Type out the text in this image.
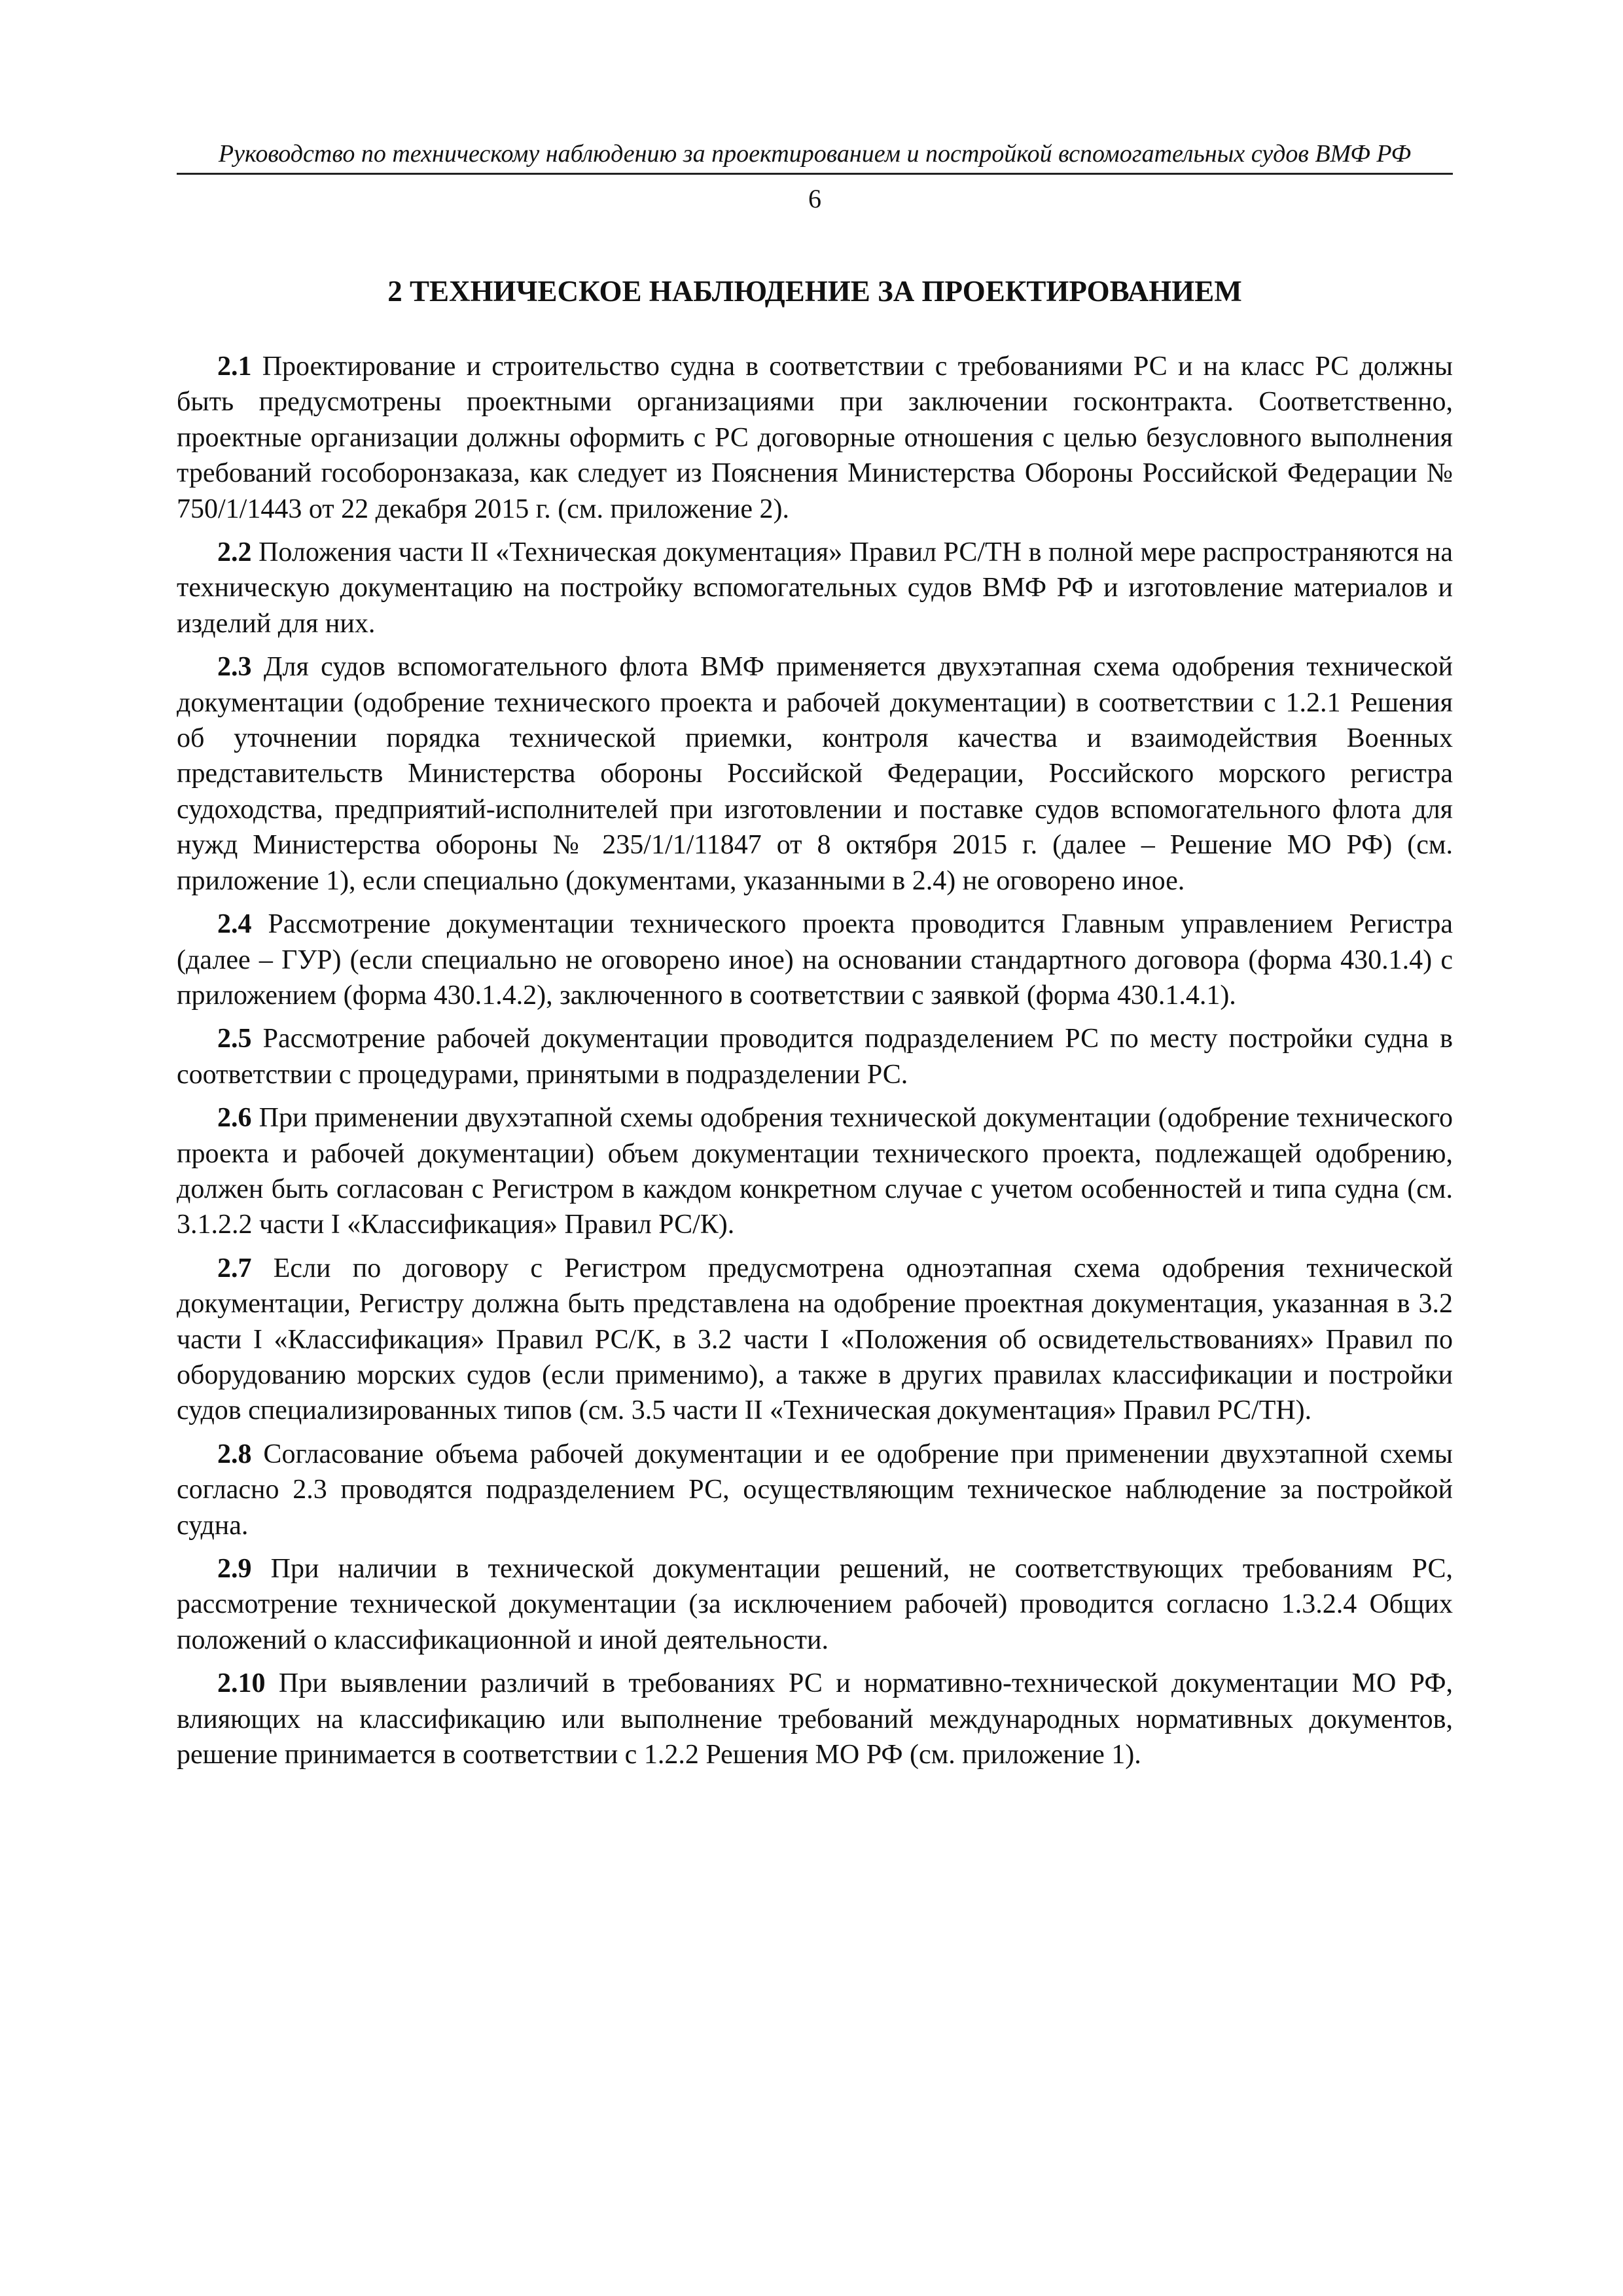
Руководство по техническому наблюдению за проектированием и постройкой вспомогательных судов ВМФ РФ
6
2 ТЕХНИЧЕСКОЕ НАБЛЮДЕНИЕ ЗА ПРОЕКТИРОВАНИЕМ

2.1 Проектирование и строительство судна в соответствии с требованиями РС и на класс РС должны быть предусмотрены проектными организациями при заключении госконтракта. Соответственно, проектные организации должны оформить с РС договорные отношения с целью безусловного выполнения требований гособоронзаказа, как следует из Пояснения Министерства Обороны Российской Федерации № 750/1/1443 от 22 декабря 2015 г. (см. приложение 2).

2.2 Положения части II «Техническая документация» Правил РС/ТН в полной мере распространяются на техническую документацию на постройку вспомогательных судов ВМФ РФ и изготовление материалов и изделий для них.

2.3 Для судов вспомогательного флота ВМФ применяется двухэтапная схема одобрения технической документации (одобрение технического проекта и рабочей документации) в соответствии с 1.2.1 Решения об уточнении порядка технической приемки, контроля качества и взаимодействия Военных представительств Министерства обороны Российской Федерации, Российского морского регистра судоходства, предприятий-исполнителей при изготовлении и поставке судов вспомогательного флота для нужд Министерства обороны № 235/1/1/11847 от 8 октября 2015 г. (далее – Решение МО РФ) (см. приложение 1), если специально (документами, указанными в 2.4) не оговорено иное.

2.4 Рассмотрение документации технического проекта проводится Главным управлением Регистра (далее – ГУР) (если специально не оговорено иное) на основании стандартного договора (форма 430.1.4) с приложением (форма 430.1.4.2), заключенного в соответствии с заявкой (форма 430.1.4.1).

2.5 Рассмотрение рабочей документации проводится подразделением РС по месту постройки судна в соответствии с процедурами, принятыми в подразделении РС.

2.6 При применении двухэтапной схемы одобрения технической документации (одобрение технического проекта и рабочей документации) объем документации технического проекта, подлежащей одобрению, должен быть согласован с Регистром в каждом конкретном случае с учетом особенностей и типа судна (см. 3.1.2.2 части I «Классификация» Правил РС/К).

2.7 Если по договору с Регистром предусмотрена одноэтапная схема одобрения технической документации, Регистру должна быть представлена на одобрение проектная документация, указанная в 3.2 части I «Классификация» Правил РС/К, в 3.2 части I «Положения об освидетельствованиях» Правил по оборудованию морских судов (если применимо), а также в других правилах классификации и постройки судов специализированных типов (см. 3.5 части II «Техническая документация» Правил РС/ТН).

2.8 Согласование объема рабочей документации и ее одобрение при применении двухэтапной схемы согласно 2.3 проводятся подразделением РС, осуществляющим техническое наблюдение за постройкой судна.

2.9 При наличии в технической документации решений, не соответствующих требованиям РС, рассмотрение технической документации (за исключением рабочей) проводится согласно 1.3.2.4 Общих положений о классификационной и иной деятельности.

2.10 При выявлении различий в требованиях РС и нормативно-технической документации МО РФ, влияющих на классификацию или выполнение требований международных нормативных документов, решение принимается в соответствии с 1.2.2 Решения МО РФ (см. приложение 1).
